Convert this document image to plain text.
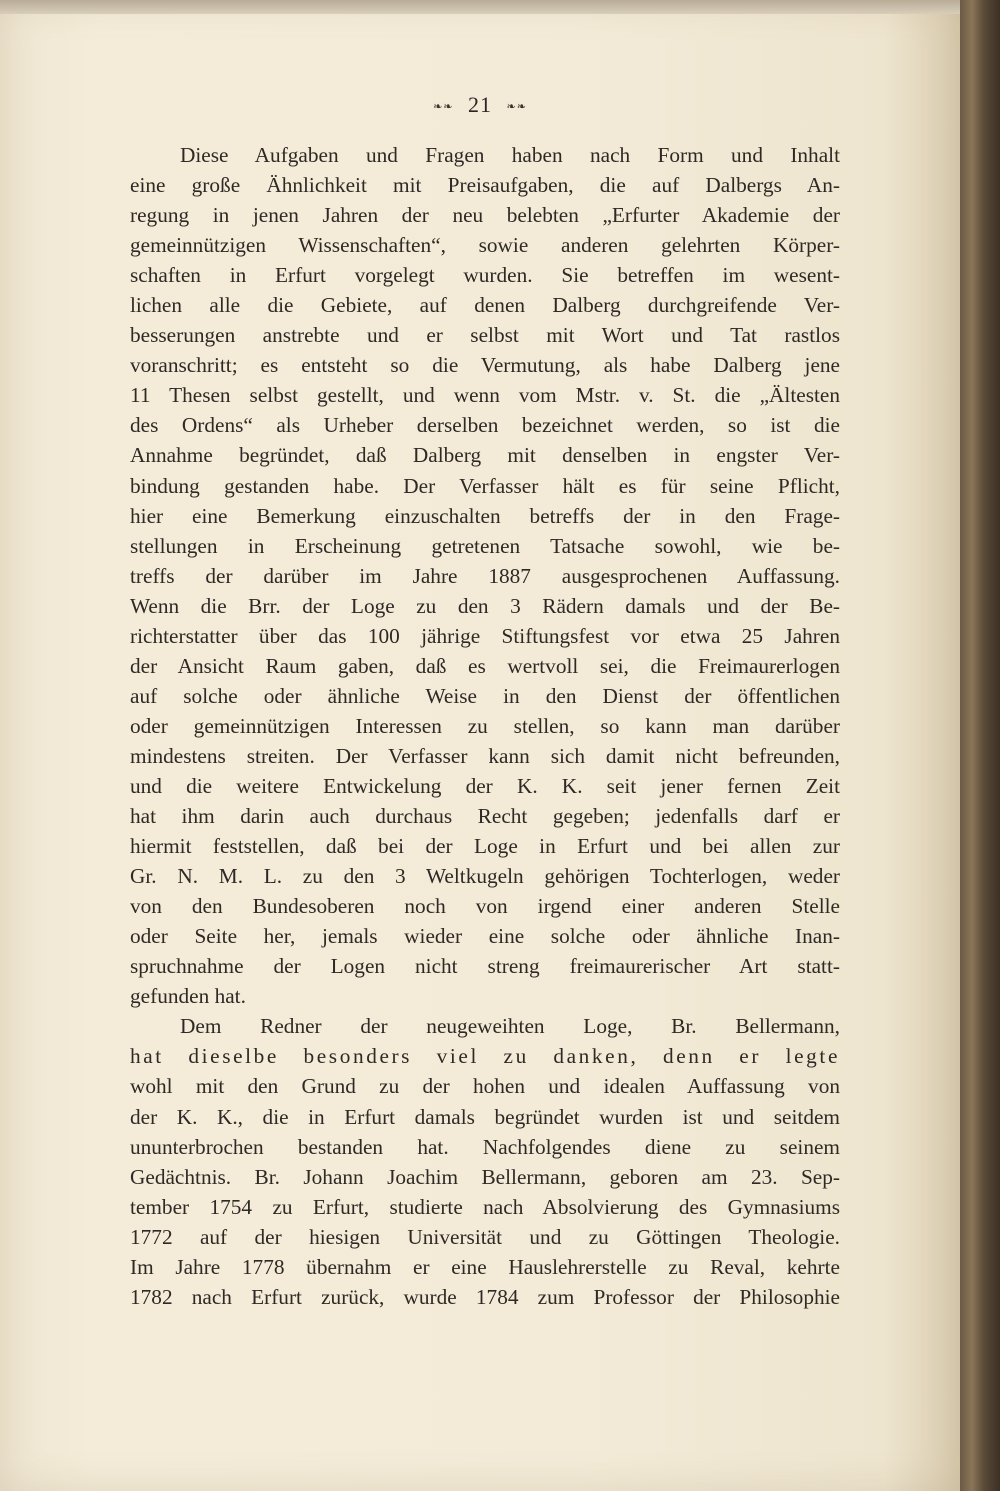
❧❧ 21 ❧❧
Diese Aufgaben und Fragen haben nach Form und Inhalt
eine große Ähnlichkeit mit Preisaufgaben, die auf Dalbergs An-
regung in jenen Jahren der neu belebten „Erfurter Akademie der
gemeinnützigen Wissenschaften“, sowie anderen gelehrten Körper-
schaften in Erfurt vorgelegt wurden. Sie betreffen im wesent-
lichen alle die Gebiete, auf denen Dalberg durchgreifende Ver-
besserungen anstrebte und er selbst mit Wort und Tat rastlos
voranschritt; es entsteht so die Vermutung, als habe Dalberg jene
11 Thesen selbst gestellt, und wenn vom Mstr. v. St. die „Ältesten
des Ordens“ als Urheber derselben bezeichnet werden, so ist die
Annahme begründet, daß Dalberg mit denselben in engster Ver-
bindung gestanden habe. Der Verfasser hält es für seine Pflicht,
hier eine Bemerkung einzuschalten betreffs der in den Frage-
stellungen in Erscheinung getretenen Tatsache sowohl, wie be-
treffs der darüber im Jahre 1887 ausgesprochenen Auffassung.
Wenn die Brr. der Loge zu den 3 Rädern damals und der Be-
richterstatter über das 100 jährige Stiftungsfest vor etwa 25 Jahren
der Ansicht Raum gaben, daß es wertvoll sei, die Freimaurerlogen
auf solche oder ähnliche Weise in den Dienst der öffentlichen
oder gemeinnützigen Interessen zu stellen, so kann man darüber
mindestens streiten. Der Verfasser kann sich damit nicht befreunden,
und die weitere Entwickelung der K. K. seit jener fernen Zeit
hat ihm darin auch durchaus Recht gegeben; jedenfalls darf er
hiermit feststellen, daß bei der Loge in Erfurt und bei allen zur
Gr. N. M. L. zu den 3 Weltkugeln gehörigen Tochterlogen, weder
von den Bundesoberen noch von irgend einer anderen Stelle
oder Seite her, jemals wieder eine solche oder ähnliche Inan-
spruchnahme der Logen nicht streng freimaurerischer Art statt-
gefunden hat.
Dem Redner der neugeweihten Loge, Br. Bellermann,
hat dieselbe besonders viel zu danken, denn er legte
wohl mit den Grund zu der hohen und idealen Auffassung von
der K. K., die in Erfurt damals begründet wurden ist und seitdem
ununterbrochen bestanden hat. Nachfolgendes diene zu seinem
Gedächtnis. Br. Johann Joachim Bellermann, geboren am 23. Sep-
tember 1754 zu Erfurt, studierte nach Absolvierung des Gymnasiums
1772 auf der hiesigen Universität und zu Göttingen Theologie.
Im Jahre 1778 übernahm er eine Hauslehrerstelle zu Reval, kehrte
1782 nach Erfurt zurück, wurde 1784 zum Professor der Philosophie
